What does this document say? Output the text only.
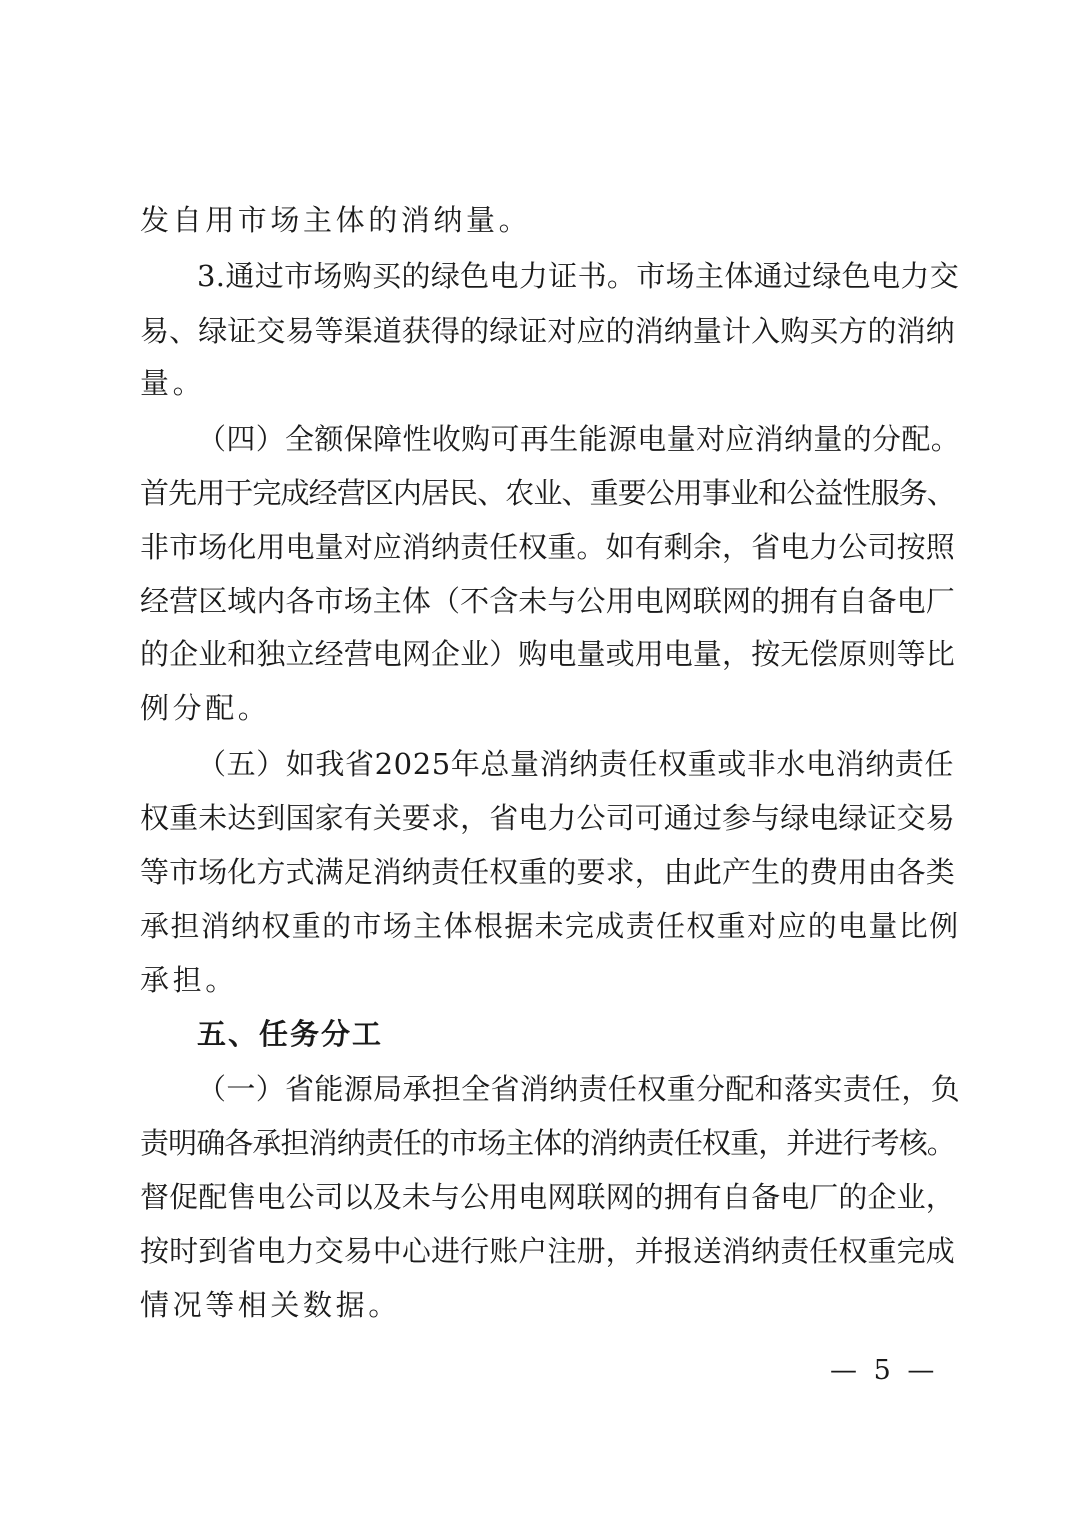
发自用市场主体的消纳量。
3.通过市场购买的绿色电力证书。市场主体通过绿色电力交
易、绿证交易等渠道获得的绿证对应的消纳量计入购买方的消纳
量。
（四）全额保障性收购可再生能源电量对应消纳量的分配。
首先用于完成经营区内居民、农业、重要公用事业和公益性服务、
非市场化用电量对应消纳责任权重。如有剩余，省电力公司按照
经营区域内各市场主体（不含未与公用电网联网的拥有自备电厂
的企业和独立经营电网企业）购电量或用电量，按无偿原则等比
例分配。
（五）如我省2025年总量消纳责任权重或非水电消纳责任
权重未达到国家有关要求，省电力公司可通过参与绿电绿证交易
等市场化方式满足消纳责任权重的要求，由此产生的费用由各类
承担消纳权重的市场主体根据未完成责任权重对应的电量比例
承担。
五、任务分工
（一）省能源局承担全省消纳责任权重分配和落实责任，负
责明确各承担消纳责任的市场主体的消纳责任权重，并进行考核。
督促配售电公司以及未与公用电网联网的拥有自备电厂的企业，
按时到省电力交易中心进行账户注册，并报送消纳责任权重完成
情况等相关数据。
— 5 —
